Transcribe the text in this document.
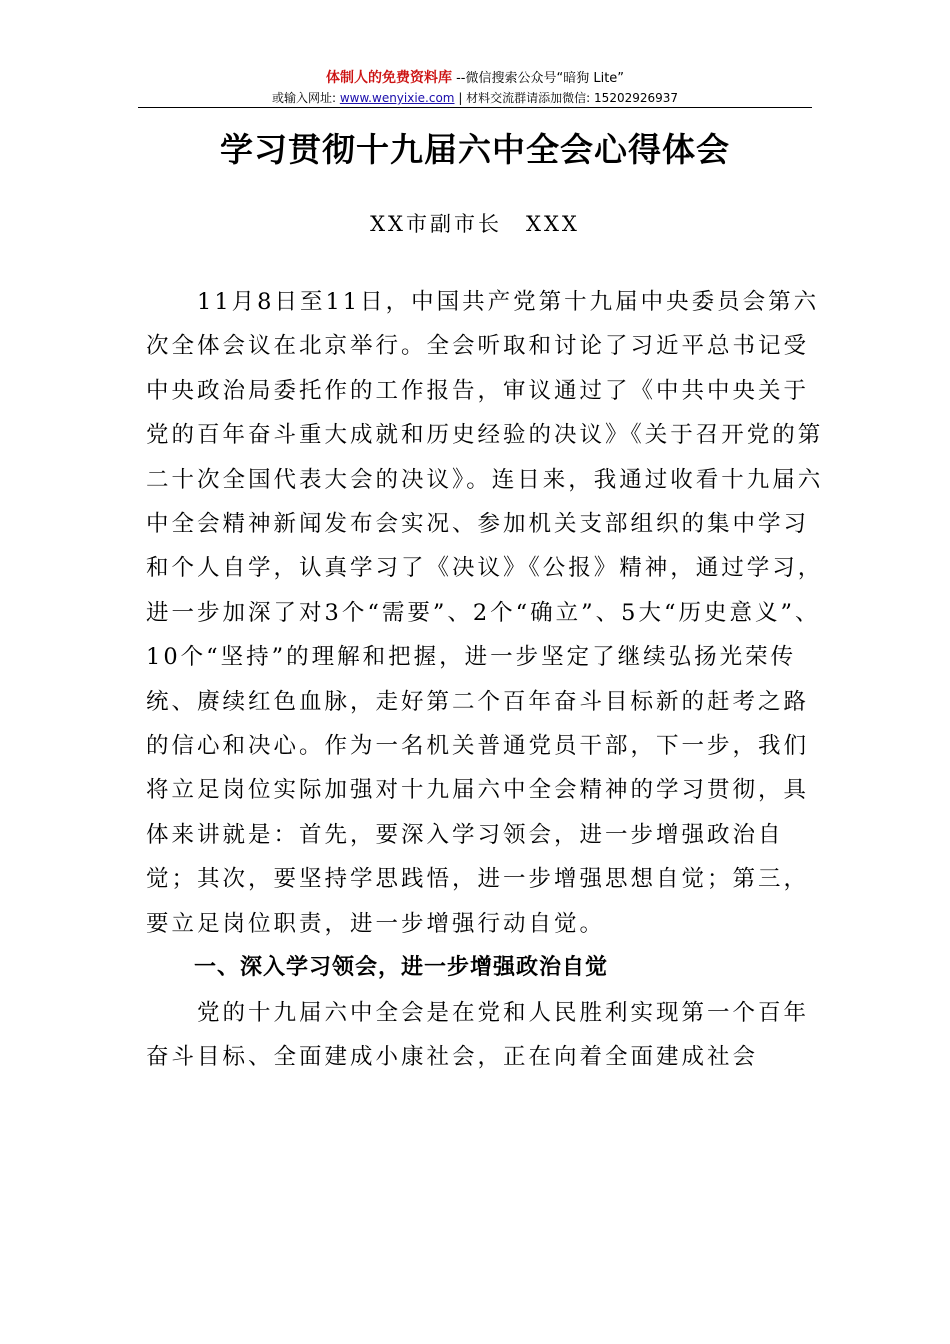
体制人的免费资料库 --微信搜索公众号“暗狗 Lite”
或输入网址: www.wenyixie.com | 材料交流群请添加微信: 15202926937
学习贯彻十九届六中全会心得体会
XX市副市长 XXX

11月8日至11日，中国共产党第十九届中央委员会第六次全体会议在北京举行。全会听取和讨论了习近平总书记受中央政治局委托作的工作报告，审议通过了《中共中央关于党的百年奋斗重大成就和历史经验的决议》《关于召开党的第二十次全国代表大会的决议》。连日来，我通过收看十九届六中全会精神新闻发布会实况、参加机关支部组织的集中学习和个人自学，认真学习了《决议》《公报》精神，通过学习，进一步加深了对3个“需要”、2个“确立”、5大“历史意义”、10个“坚持”的理解和把握，进一步坚定了继续弘扬光荣传统、赓续红色血脉，走好第二个百年奋斗目标新的赶考之路的信心和决心。作为一名机关普通党员干部，下一步，我们将立足岗位实际加强对十九届六中全会精神的学习贯彻，具体来讲就是：首先，要深入学习领会，进一步增强政治自觉；其次，要坚持学思践悟，进一步增强思想自觉；第三，要立足岗位职责，进一步增强行动自觉。

一、深入学习领会，进一步增强政治自觉

党的十九届六中全会是在党和人民胜利实现第一个百年奋斗目标、全面建成小康社会，正在向着全面建成社会
